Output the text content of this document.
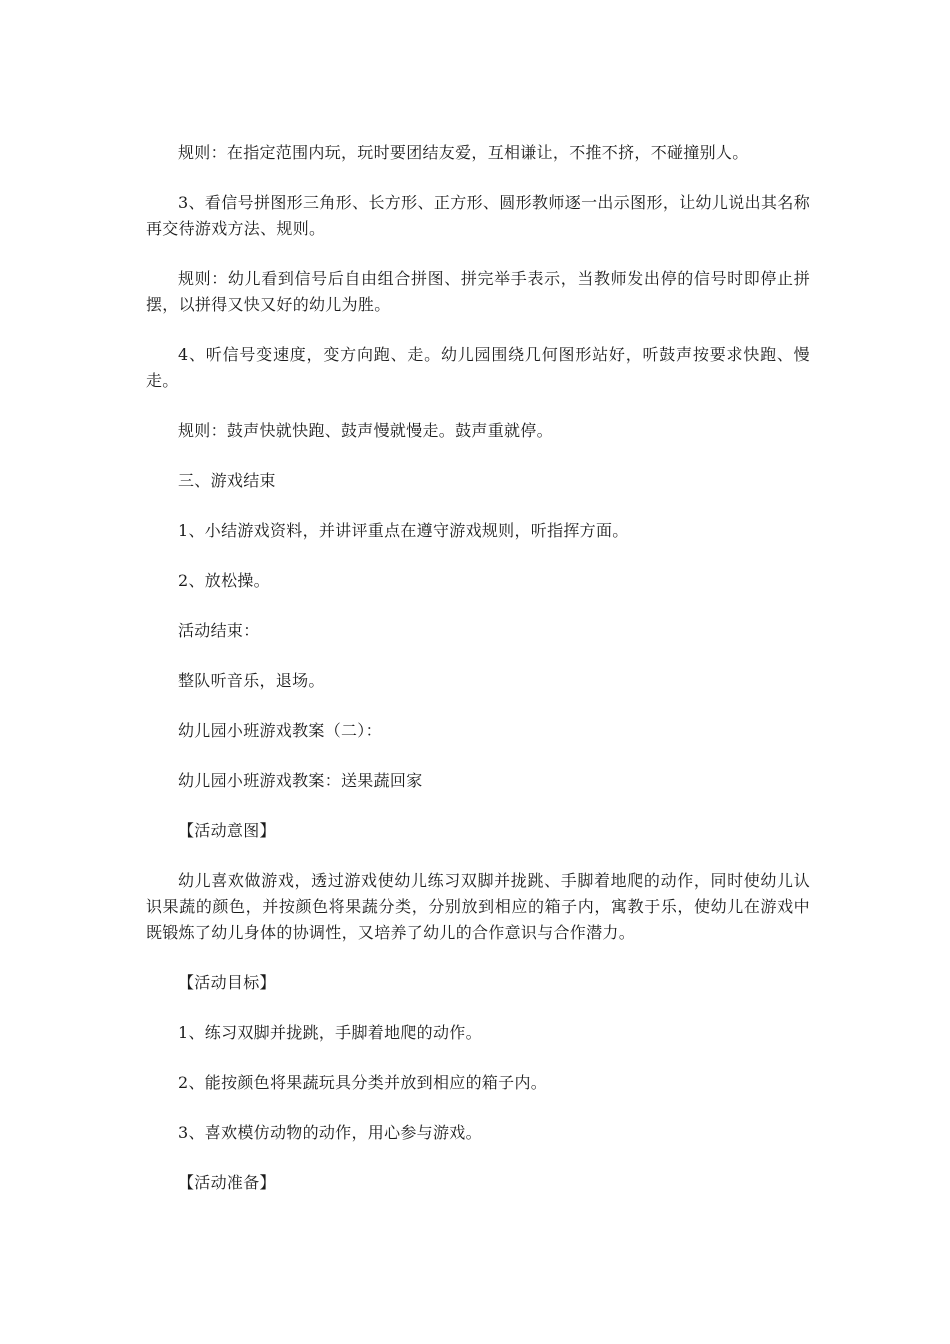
规则：在指定范围内玩，玩时要团结友爱，互相谦让，不推不挤，不碰撞别人。

3、看信号拼图形三角形、长方形、正方形、圆形教师逐一出示图形，让幼儿说出其名称再交待游戏方法、规则。

规则：幼儿看到信号后自由组合拼图、拼完举手表示，当教师发出停的信号时即停止拼摆，以拼得又快又好的幼儿为胜。

4、听信号变速度，变方向跑、走。幼儿园围绕几何图形站好，听鼓声按要求快跑、慢走。

规则：鼓声快就快跑、鼓声慢就慢走。鼓声重就停。

三、游戏结束

1、小结游戏资料，并讲评重点在遵守游戏规则，听指挥方面。

2、放松操。

活动结束：

整队听音乐，退场。

幼儿园小班游戏教案（二）：

幼儿园小班游戏教案：送果蔬回家

【活动意图】

幼儿喜欢做游戏，透过游戏使幼儿练习双脚并拢跳、手脚着地爬的动作，同时使幼儿认识果蔬的颜色，并按颜色将果蔬分类，分别放到相应的箱子内，寓教于乐，使幼儿在游戏中既锻炼了幼儿身体的协调性，又培养了幼儿的合作意识与合作潜力。

【活动目标】

1、练习双脚并拢跳，手脚着地爬的动作。

2、能按颜色将果蔬玩具分类并放到相应的箱子内。

3、喜欢模仿动物的动作，用心参与游戏。

【活动准备】
